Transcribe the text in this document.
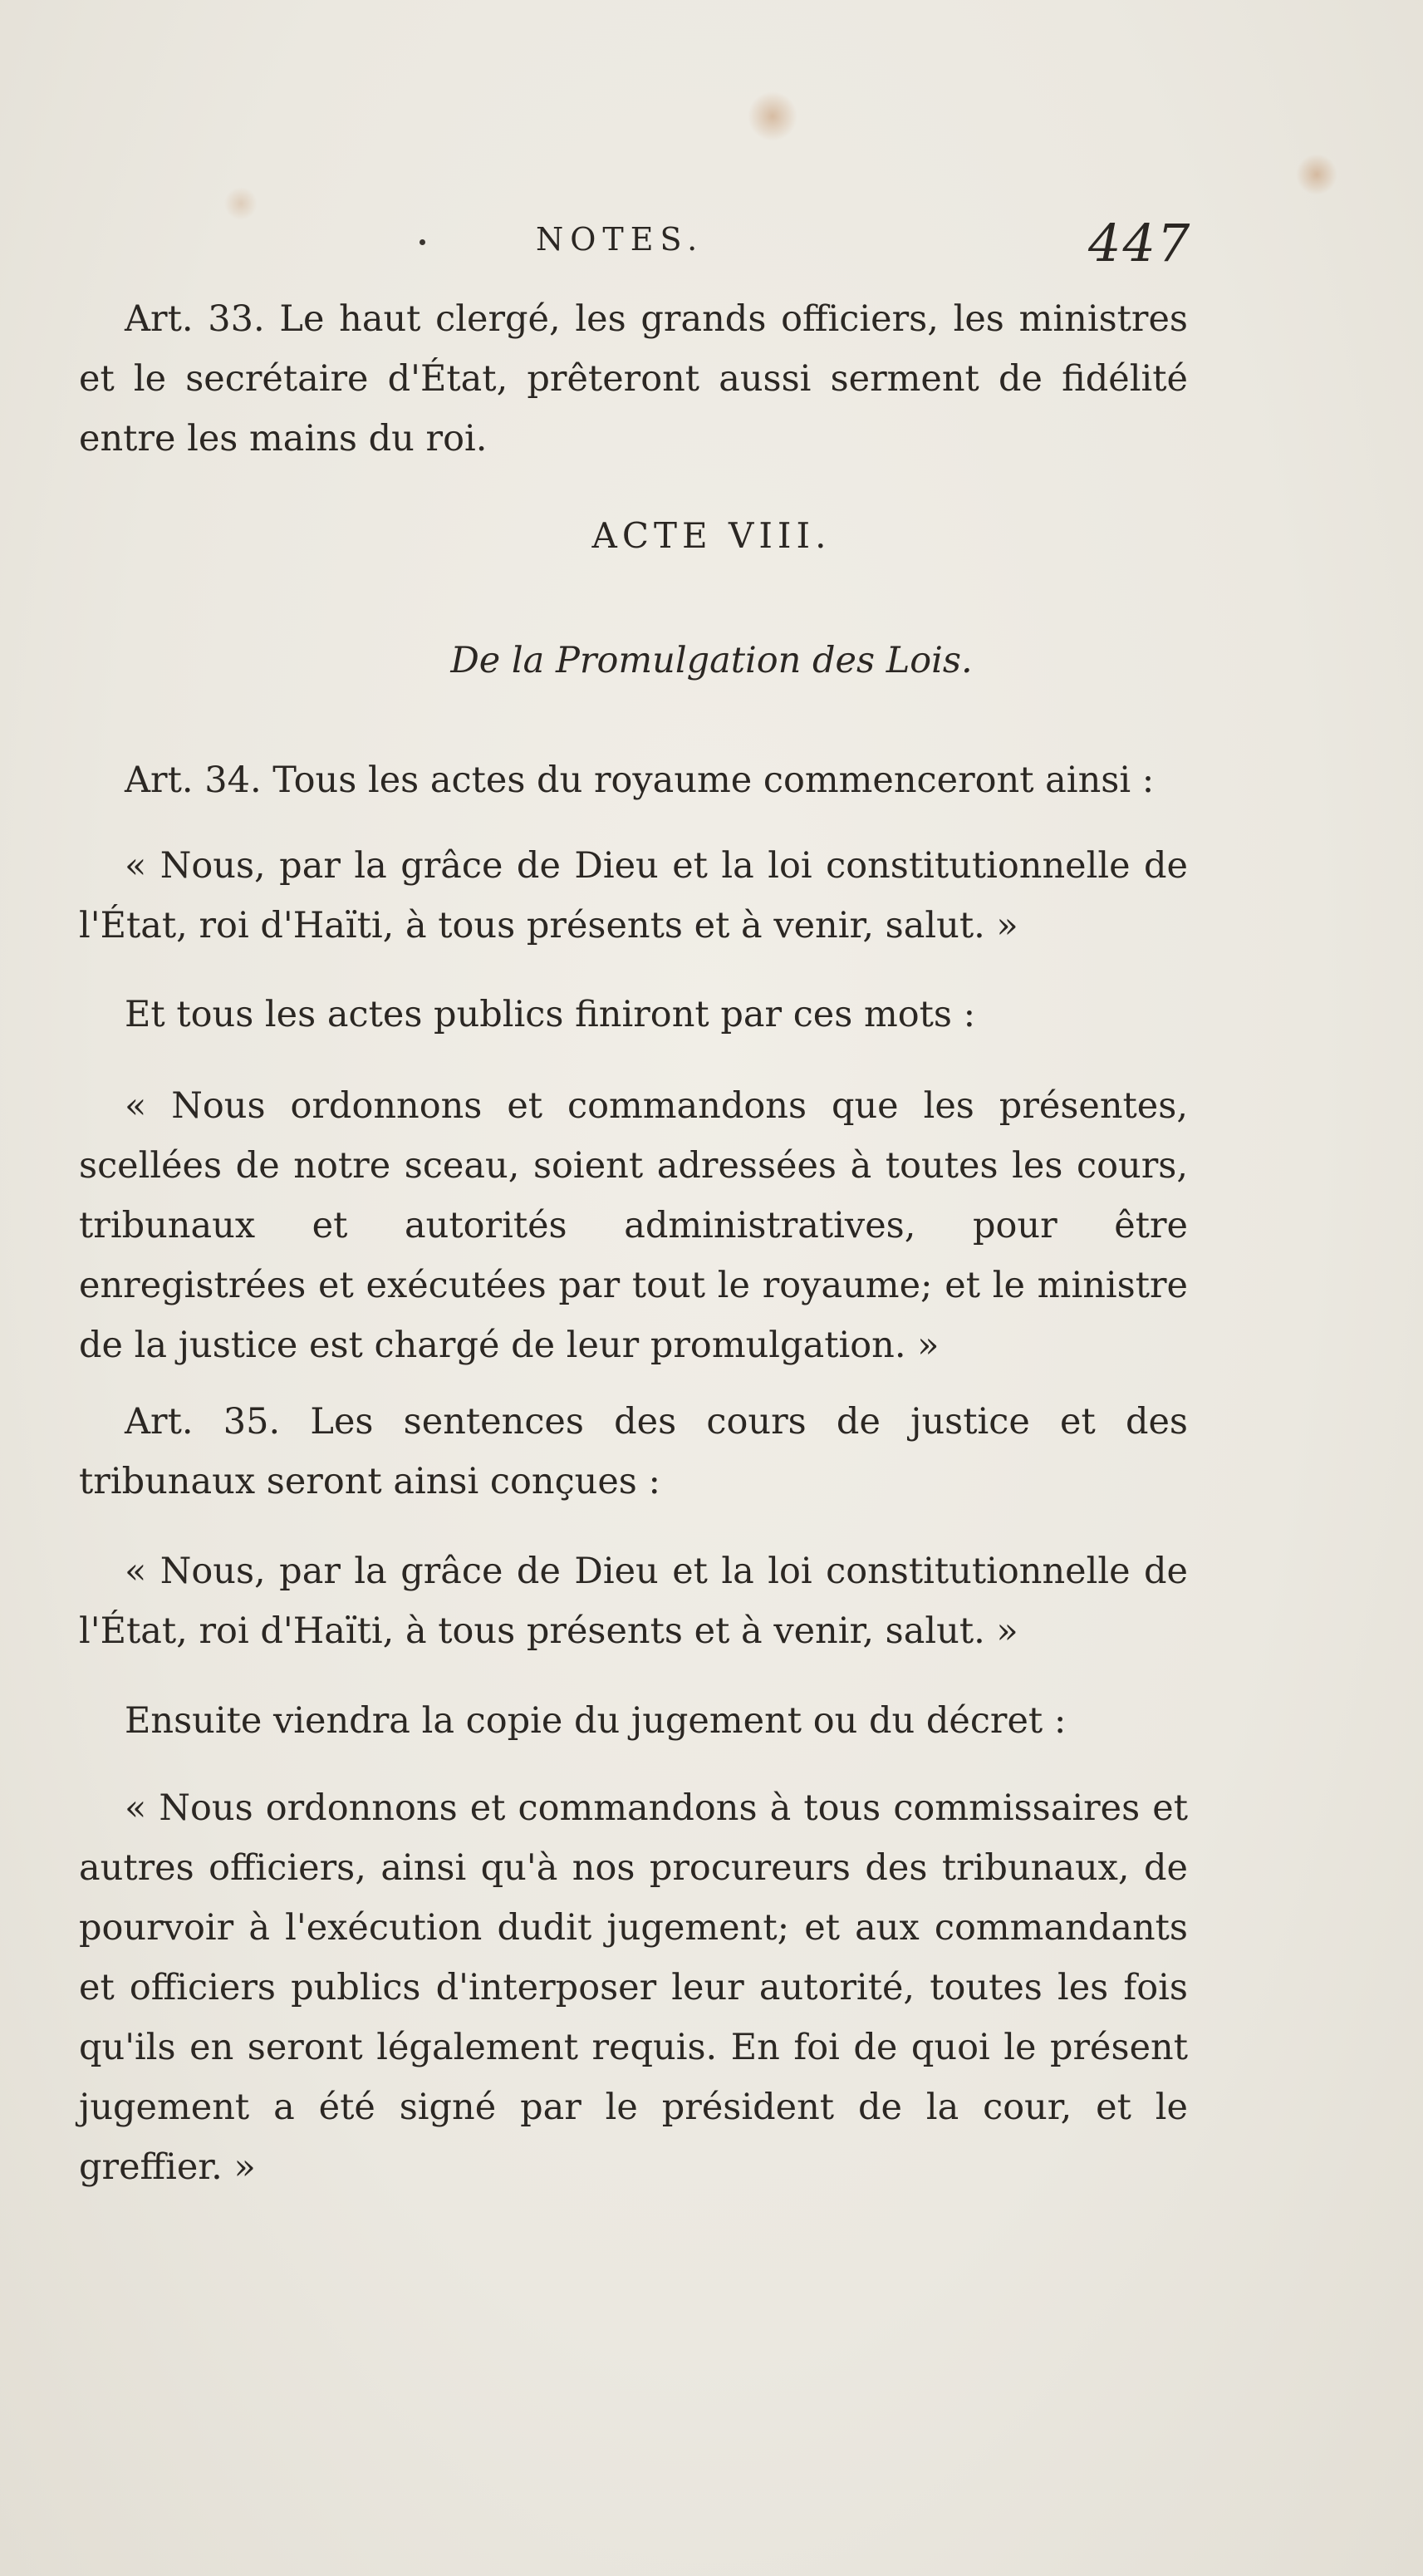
NOTES.	447
Art. 33. Le haut clergé, les grands officiers, les ministres et le secrétaire d'État, prêteront aussi serment de fidélité entre les mains du roi.
ACTE VIII.
De la Promulgation des Lois.
Art. 34. Tous les actes du royaume commenceront ainsi :
« Nous, par la grâce de Dieu et la loi constitutionnelle de l'État, roi d'Haïti, à tous présents et à venir, salut. »
Et tous les actes publics finiront par ces mots :
« Nous ordonnons et commandons que les présentes, scellées de notre sceau, soient adressées à toutes les cours, tribunaux et autorités administratives, pour être enregistrées et exécutées par tout le royaume; et le ministre de la justice est chargé de leur promulgation. »
Art. 35. Les sentences des cours de justice et des tribunaux seront ainsi conçues :
« Nous, par la grâce de Dieu et la loi constitutionnelle de l'État, roi d'Haïti, à tous présents et à venir, salut. »
Ensuite viendra la copie du jugement ou du décret :
« Nous ordonnons et commandons à tous commissaires et autres officiers, ainsi qu'à nos procureurs des tribunaux, de pourvoir à l'exécution dudit jugement; et aux commandants et officiers publics d'interposer leur autorité, toutes les fois qu'ils en seront légalement requis. En foi de quoi le présent jugement a été signé par le président de la cour, et le greffier. »
